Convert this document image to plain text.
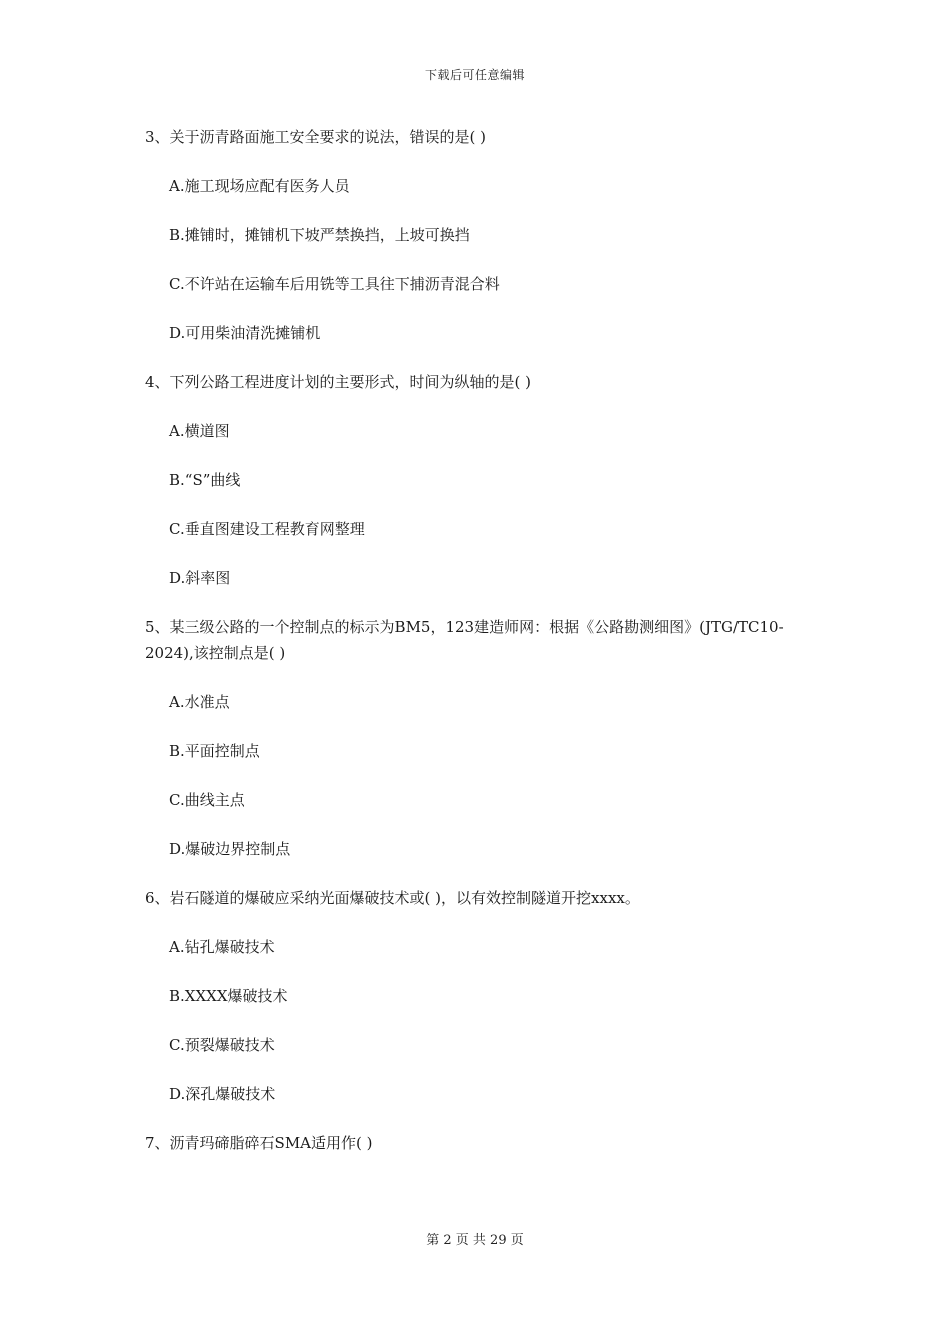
下载后可任意编辑
3、关于沥青路面施工安全要求的说法，错误的是( )
A.施工现场应配有医务人员
B.摊铺时，摊铺机下坡严禁换挡，上坡可换挡
C.不许站在运输车后用铣等工具往下捕沥青混合料
D.可用柴油清洗摊铺机
4、下列公路工程进度计划的主要形式，时间为纵轴的是( )
A.横道图
B.“S”曲线
C.垂直图建设工程教育网整理
D.斜率图
5、某三级公路的一个控制点的标示为BM5，123建造师网：根据《公路勘测细图》(JTG/TC10-2024),该控制点是( )
A.水准点
B.平面控制点
C.曲线主点
D.爆破边界控制点
6、岩石隧道的爆破应采纳光面爆破技术或( )，以有效控制隧道开挖xxxx。
A.钻孔爆破技术
B.XXXX爆破技术
C.预裂爆破技术
D.深孔爆破技术
7、沥青玛碲脂碎石SMA适用作( )
第 2 页 共 29 页
